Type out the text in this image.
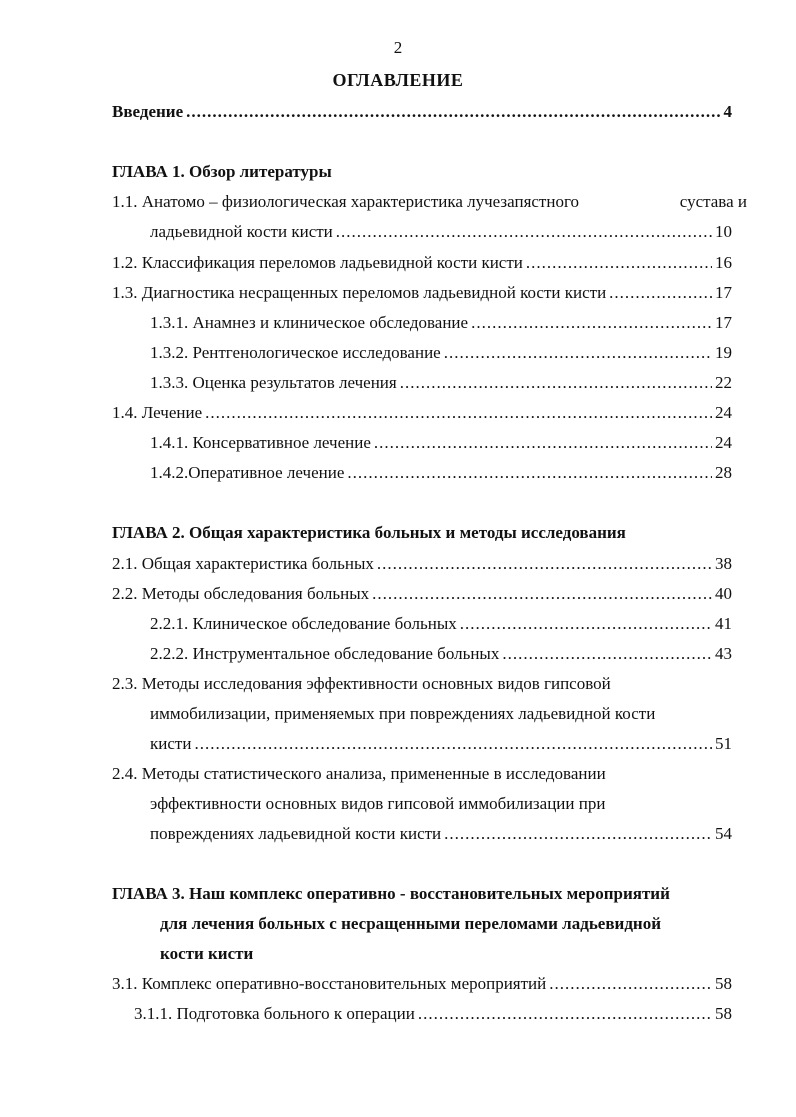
2
ОГЛАВЛЕНИЕ
Введение .....	4
ГЛАВА 1. Обзор литературы
1.1. Анатомо – физиологическая характеристика лучезапястного	сустава и
ладьевидной кости кисти .....	10
1.2. Классификация переломов ладьевидной кости кисти .....	16
1.3. Диагностика несращенных переломов ладьевидной кости кисти .....	17
1.3.1. Анамнез и клиническое обследование .....	17
1.3.2. Рентгенологическое исследование .....	19
1.3.3. Оценка результатов лечения .....	22
1.4. Лечение .....	24
1.4.1. Консервативное лечение .....	24
1.4.2.Оперативное лечение .....	28
ГЛАВА 2. Общая характеристика больных и методы исследования
2.1. Общая характеристика больных .....	38
2.2. Методы обследования больных .....	40
2.2.1. Клиническое обследование больных .....	41
2.2.2. Инструментальное обследование больных .....	43
2.3. Методы исследования эффективности основных видов гипсовой
иммобилизации, применяемых при повреждениях ладьевидной кости
кисти .....	51
2.4. Методы статистического анализа, примененные в исследовании
эффективности основных видов гипсовой иммобилизации при
повреждениях ладьевидной кости кисти .....	54
ГЛАВА 3. Наш комплекс оперативно - восстановительных мероприятий
для лечения больных с несращенными переломами ладьевидной
кости кисти
3.1. Комплекс оперативно-восстановительных мероприятий .....	58
3.1.1. Подготовка больного к операции .....	58
